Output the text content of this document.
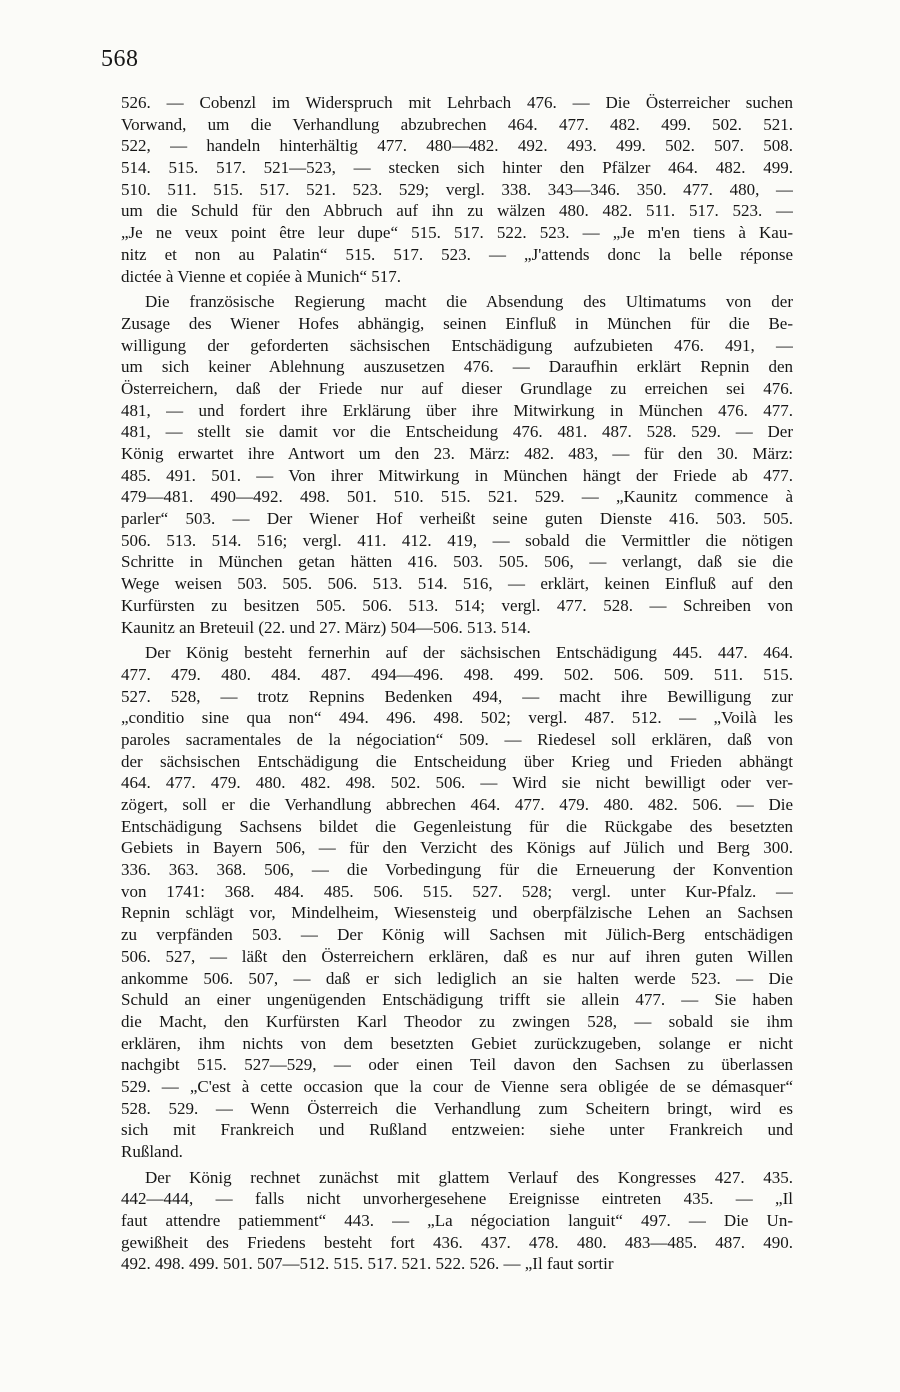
568

526. — Cobenzl im Widerspruch mit Lehrbach 476. — Die Österreicher suchen
Vorwand, um die Verhandlung abzubrechen 464. 477. 482. 499. 502. 521.
522, — handeln hinterhältig 477. 480—482. 492. 493. 499. 502. 507. 508.
514. 515. 517. 521—523, — stecken sich hinter den Pfälzer 464. 482. 499.
510. 511. 515. 517. 521. 523. 529; vergl. 338. 343—346. 350. 477. 480, —
um die Schuld für den Abbruch auf ihn zu wälzen 480. 482. 511. 517. 523. —
„Je ne veux point être leur dupe“ 515. 517. 522. 523. — „Je m'en tiens à Kau-
nitz et non au Palatin“ 515. 517. 523. — „J'attends donc la belle réponse
dictée à Vienne et copiée à Munich“ 517.
Die französische Regierung macht die Absendung des Ultimatums von der
Zusage des Wiener Hofes abhängig, seinen Einfluß in München für die Be-
willigung der geforderten sächsischen Entschädigung aufzubieten 476. 491, —
um sich keiner Ablehnung auszusetzen 476. — Daraufhin erklärt Repnin den
Österreichern, daß der Friede nur auf dieser Grundlage zu erreichen sei 476.
481, — und fordert ihre Erklärung über ihre Mitwirkung in München 476. 477.
481, — stellt sie damit vor die Entscheidung 476. 481. 487. 528. 529. — Der
König erwartet ihre Antwort um den 23. März: 482. 483, — für den 30. März:
485. 491. 501. — Von ihrer Mitwirkung in München hängt der Friede ab 477.
479—481. 490—492. 498. 501. 510. 515. 521. 529. — „Kaunitz commence à
parler“ 503. — Der Wiener Hof verheißt seine guten Dienste 416. 503. 505.
506. 513. 514. 516; vergl. 411. 412. 419, — sobald die Vermittler die nötigen
Schritte in München getan hätten 416. 503. 505. 506, — verlangt, daß sie die
Wege weisen 503. 505. 506. 513. 514. 516, — erklärt, keinen Einfluß auf den
Kurfürsten zu besitzen 505. 506. 513. 514; vergl. 477. 528. — Schreiben von
Kaunitz an Breteuil (22. und 27. März) 504—506. 513. 514.
Der König besteht fernerhin auf der sächsischen Entschädigung 445. 447. 464.
477. 479. 480. 484. 487. 494—496. 498. 499. 502. 506. 509. 511. 515.
527. 528, — trotz Repnins Bedenken 494, — macht ihre Bewilligung zur
„conditio sine qua non“ 494. 496. 498. 502; vergl. 487. 512. — „Voilà les
paroles sacramentales de la négociation“ 509. — Riedesel soll erklären, daß von
der sächsischen Entschädigung die Entscheidung über Krieg und Frieden abhängt
464. 477. 479. 480. 482. 498. 502. 506. — Wird sie nicht bewilligt oder ver-
zögert, soll er die Verhandlung abbrechen 464. 477. 479. 480. 482. 506. — Die
Entschädigung Sachsens bildet die Gegenleistung für die Rückgabe des besetzten
Gebiets in Bayern 506, — für den Verzicht des Königs auf Jülich und Berg 300.
336. 363. 368. 506, — die Vorbedingung für die Erneuerung der Konvention
von 1741: 368. 484. 485. 506. 515. 527. 528; vergl. unter Kur-Pfalz. —
Repnin schlägt vor, Mindelheim, Wiesensteig und oberpfälzische Lehen an Sachsen
zu verpfänden 503. — Der König will Sachsen mit Jülich-Berg entschädigen
506. 527, — läßt den Österreichern erklären, daß es nur auf ihren guten Willen
ankomme 506. 507, — daß er sich lediglich an sie halten werde 523. — Die
Schuld an einer ungenügenden Entschädigung trifft sie allein 477. — Sie haben
die Macht, den Kurfürsten Karl Theodor zu zwingen 528, — sobald sie ihm
erklären, ihm nichts von dem besetzten Gebiet zurückzugeben, solange er nicht
nachgibt 515. 527—529, — oder einen Teil davon den Sachsen zu überlassen
529. — „C'est à cette occasion que la cour de Vienne sera obligée de se démasquer“
528. 529. — Wenn Österreich die Verhandlung zum Scheitern bringt, wird es
sich mit Frankreich und Rußland entzweien: siehe unter Frankreich und
Rußland.
Der König rechnet zunächst mit glattem Verlauf des Kongresses 427. 435.
442—444, — falls nicht unvorhergesehene Ereignisse eintreten 435. — „Il
faut attendre patiemment“ 443. — „La négociation languit“ 497. — Die Un-
gewißheit des Friedens besteht fort 436. 437. 478. 480. 483—485. 487. 490.
492. 498. 499. 501. 507—512. 515. 517. 521. 522. 526. — „Il faut sortir
